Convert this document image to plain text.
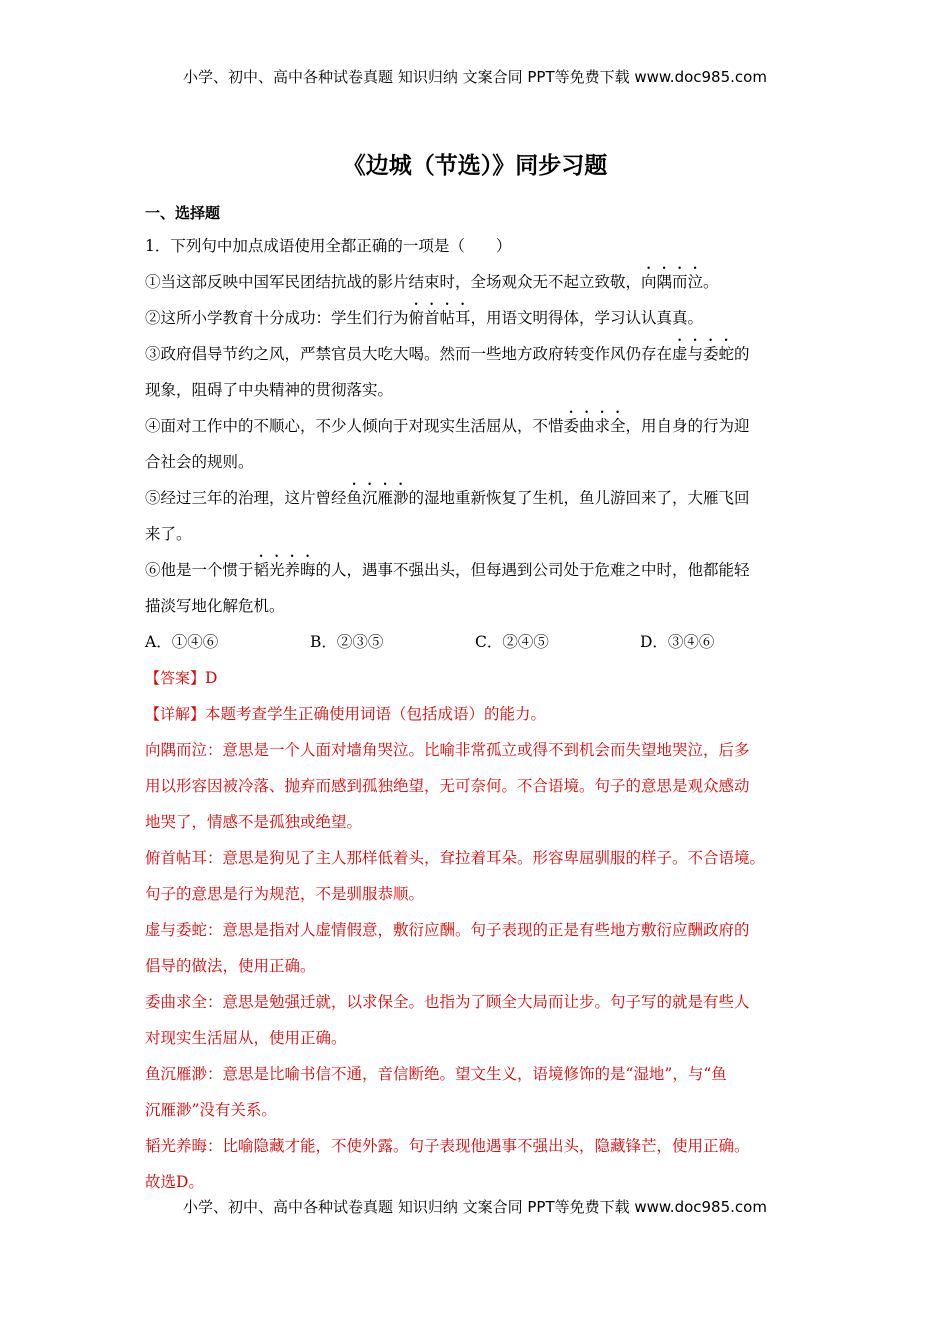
小学、初中、高中各种试卷真题 知识归纳 文案合同 PPT等免费下载 www.doc985.com
《边城（节选）》同步习题
一、选择题
1．下列句中加点成语使用全都正确的一项是（　　）
①当这部反映中国军民团结抗战的影片结束时，全场观众无不起立致敬，向隅而泣。
②这所小学教育十分成功：学生们行为俯首帖耳，用语文明得体，学习认认真真。
③政府倡导节约之风，严禁官员大吃大喝。然而一些地方政府转变作风仍存在虚与委蛇的
现象，阻碍了中央精神的贯彻落实。
④面对工作中的不顺心，不少人倾向于对现实生活屈从，不惜委曲求全，用自身的行为迎
合社会的规则。
⑤经过三年的治理，这片曾经鱼沉雁渺的湿地重新恢复了生机，鱼儿游回来了，大雁飞回
来了。
⑥他是一个惯于韬光养晦的人，遇事不强出头，但每遇到公司处于危难之中时，他都能轻
描淡写地化解危机。
A．①④⑥	B．②③⑤	C．②④⑤	D．③④⑥
【答案】D
【详解】本题考查学生正确使用词语（包括成语）的能力。
向隅而泣：意思是一个人面对墙角哭泣。比喻非常孤立或得不到机会而失望地哭泣，后多
用以形容因被冷落、抛弃而感到孤独绝望，无可奈何。不合语境。句子的意思是观众感动
地哭了，情感不是孤独或绝望。
俯首帖耳：意思是狗见了主人那样低着头，耷拉着耳朵。形容卑屈驯服的样子。不合语境。
句子的意思是行为规范，不是驯服恭顺。
虚与委蛇：意思是指对人虚情假意，敷衍应酬。句子表现的正是有些地方敷衍应酬政府的
倡导的做法，使用正确。
委曲求全：意思是勉强迁就，以求保全。也指为了顾全大局而让步。句子写的就是有些人
对现实生活屈从，使用正确。
鱼沉雁渺：意思是比喻书信不通，音信断绝。望文生义，语境修饰的是“湿地”，与“鱼
沉雁渺”没有关系。
韬光养晦：比喻隐藏才能，不使外露。句子表现他遇事不强出头，隐藏锋芒，使用正确。
故选D。
小学、初中、高中各种试卷真题 知识归纳 文案合同 PPT等免费下载 www.doc985.com
